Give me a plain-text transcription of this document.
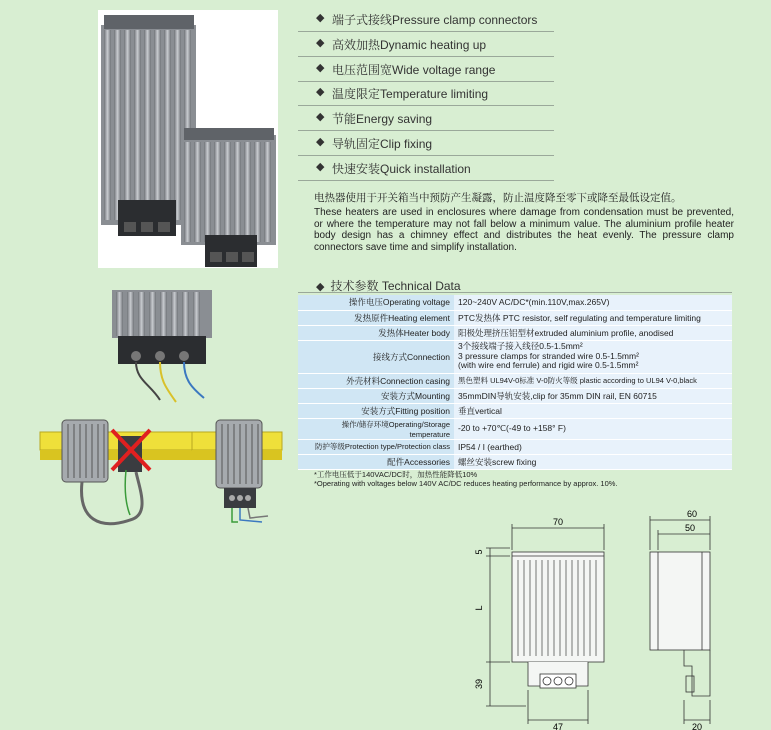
◆ 端子式接线Pressure clamp connectors
◆ 高效加热Dynamic heating up
◆ 电压范围宽Wide voltage range
◆ 温度限定Temperature limiting
◆ 节能Energy saving
◆ 导轨固定Clip fixing
◆ 快速安装Quick installation
电热器使用于开关箱当中预防产生凝露，防止温度降至零下或降至最低设定值。
These heaters are used in enclosures where damage from condensation must be prevented, or where the temperature may not fall below a minimum value. The aluminium profile heater body design has a chimney effect and distributes the heat evenly. The pressure clamp connectors save time and simplify installation.
◆ 技术参数 Technical Data
操作电压Operating voltage	120~240V AC/DC*(min.110V,max.265V)
发热原件Heating element	PTC发热体 PTC resistor, self regulating and temperature limiting
发热体Heater body	阳极处理挤压铝型材extruded aluminium profile, anodised
接线方式Connection	3个接线端子接入线径0.5-1.5mm²
3 pressure clamps for stranded wire 0.5-1.5mm²
(with wire end ferrule) and rigid wire 0.5-1.5mm²
外壳材料Connection casing	黑色塑料 UL94V-0标准 V-0防火等级 plastic according to UL94 V-0,black
安装方式Mounting	35mmDIN导轨安装,clip for 35mm DIN rail, EN 60715
安装方式Fitting position	垂直vertical
操作/储存环境Operating/Storage temperature	-20 to +70℃(-49 to +158° F)
防护等级Protection type/Protection class	IP54 / I (earthed)
配件Accessories	螺丝安装screw fixing
*工作电压低于140VAC/DC时，加热性能降低10%
*Operating with voltages below 140V AC/DC reduces heating performance by approx. 10%.
70
47
5
L
39
60
50
20
